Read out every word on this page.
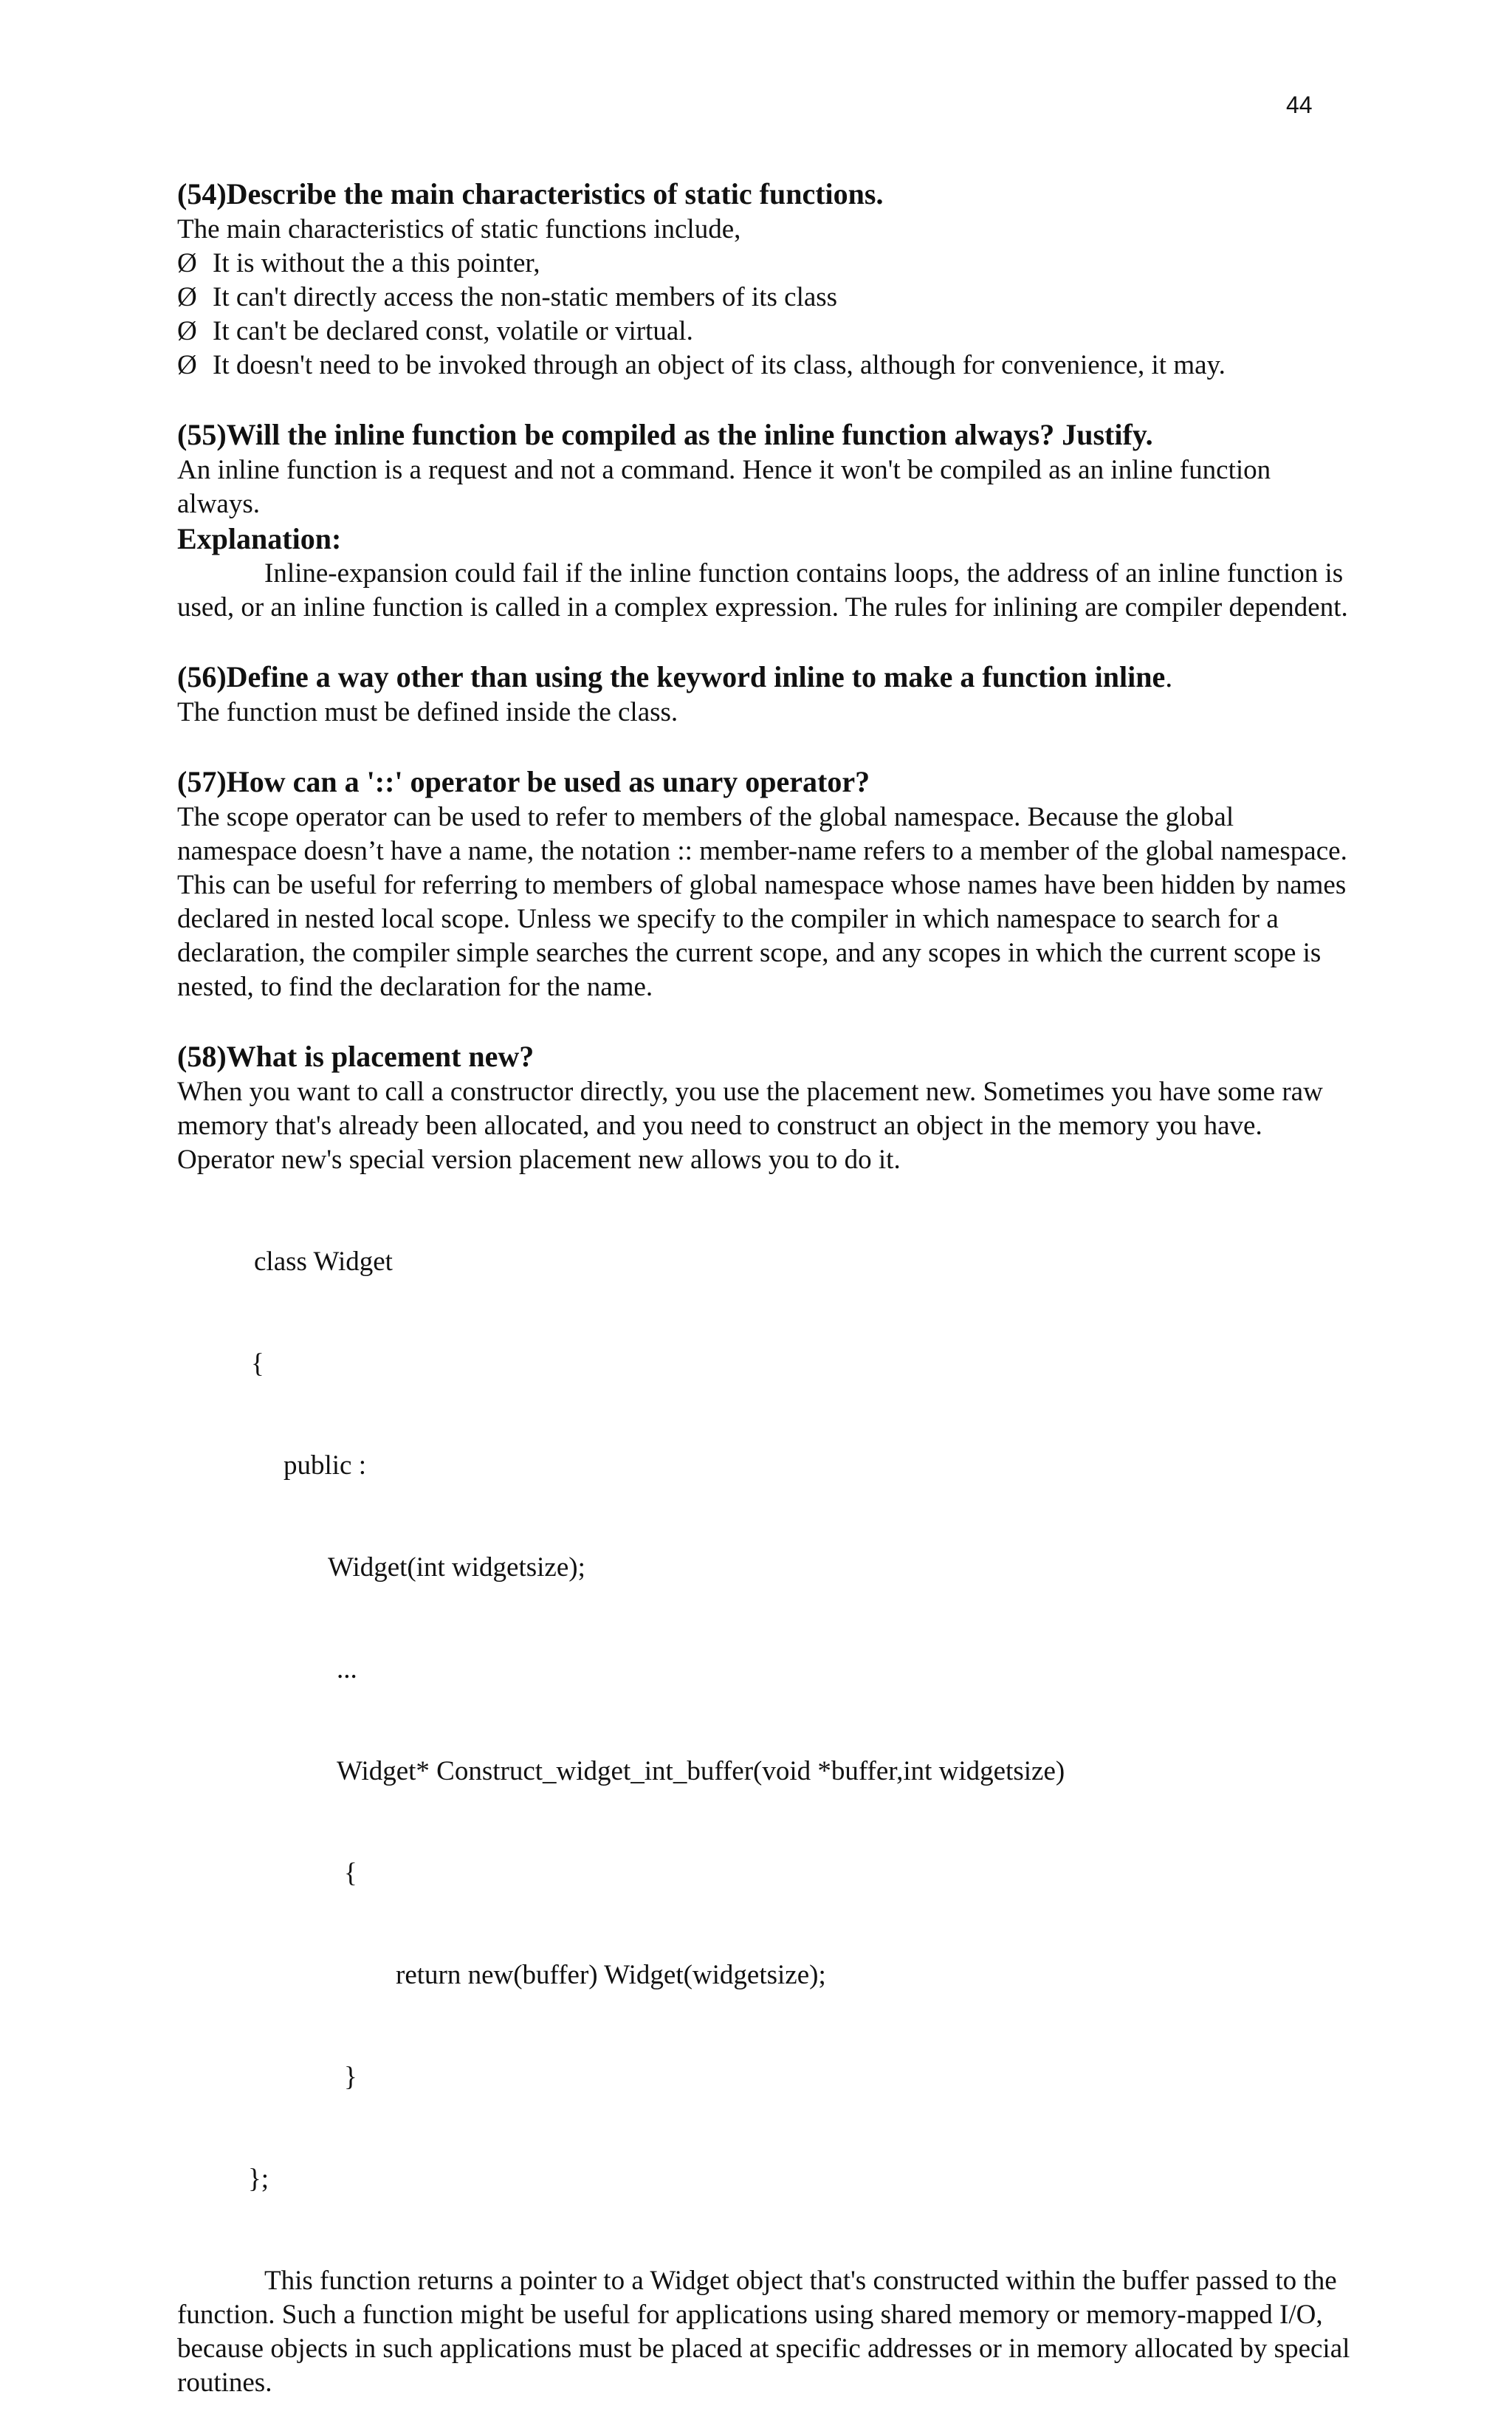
44

(54)Describe the main characteristics of static functions.

The main characteristics of static functions include,

Ø It is without the a this pointer,

Ø It can't directly access the non-static members of its class

Ø It can't be declared const, volatile or virtual.

Ø It doesn't need to be invoked through an object of its class, although for convenience, it may.

(55)Will the inline function be compiled as the inline function always? Justify.

An inline function is a request and not a command. Hence it won't be compiled as an inline function always.

Explanation:

Inline-expansion could fail if the inline function contains loops, the address of an inline function is used, or an inline function is called in a complex expression. The rules for inlining are compiler dependent.

(56)Define a way other than using the keyword inline to make a function inline.

The function must be defined inside the class.

(57)How can a '::' operator be used as unary operator?

The scope operator can be used to refer to members of the global namespace. Because the global namespace doesn’t have a name, the notation :: member-name refers to a member of the global namespace. This can be useful for referring to members of global namespace whose names have been hidden by names declared in nested local scope. Unless we specify to the compiler in which namespace to search for a declaration, the compiler simple searches the current scope, and any scopes in which the current scope is nested, to find the declaration for the name.

(58)What is placement new?

When you want to call a constructor directly, you use the placement new. Sometimes you have some raw memory that's already been allocated, and you need to construct an object in the memory you have. Operator new's special version placement new allows you to do it.

class Widget

{

public :

Widget(int widgetsize);

...

Widget* Construct_widget_int_buffer(void *buffer,int widgetsize)

{

return new(buffer) Widget(widgetsize);

}

};

This function returns a pointer to a Widget object that's constructed within the buffer passed to the function. Such a function might be useful for applications using shared memory or memory-mapped I/O, because objects in such applications must be placed at specific addresses or in memory allocated by special routines.
